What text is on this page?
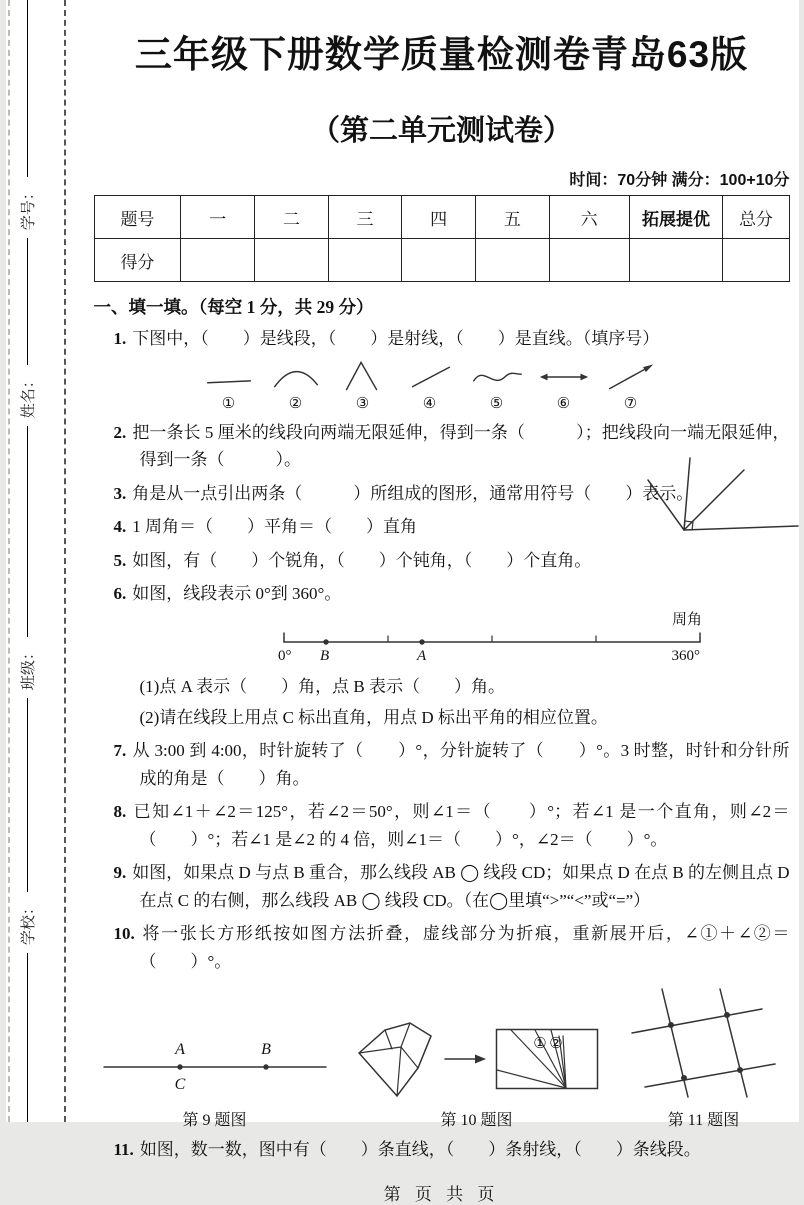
学校：
班级：
姓名：
学号：
三年级下册数学质量检测卷青岛63版
（第二单元测试卷）
时间：70分钟 满分：100+10分
题号	一	二	三	四	五	六	拓展提优	总分
得分								
一、填一填。（每空 1 分，共 29 分）
1. 下图中，（　　）是线段，（　　）是射线，（　　）是直线。（填序号）
①	②	③	④	⑤	⑥	⑦
2. 把一条长 5 厘米的线段向两端无限延伸，得到一条（　　　）；把线段向一端无限延伸，得到一条（　　　）。
3. 角是从一点引出两条（　　　）所组成的图形，通常用符号（　　）表示。
4. 1 周角＝（　　）平角＝（　　）直角
5. 如图，有（　　）个锐角，（　　）个钝角，（　　）个直角。
6. 如图，线段表示 0°到 360°。
0° B	A	360°
周角
(1)点 A 表示（　　）角，点 B 表示（　　）角。
(2)请在线段上用点 C 标出直角，用点 D 标出平角的相应位置。
7. 从 3:00 到 4:00，时针旋转了（　　）°，分针旋转了（　　）°。3 时整，时针和分针所成的角是（　　）角。
8. 已知∠1＋∠2＝125°，若∠2＝50°，则∠1＝（　　）°；若∠1 是一个直角，则∠2＝（　　）°；若∠1 是∠2 的 4 倍，则∠1＝（　　）°，∠2＝（　　）°。
9. 如图，如果点 D 与点 B 重合，那么线段 AB ◯ 线段 CD；如果点 D 在点 B 的左侧且点 D 在点 C 的右侧，那么线段 AB ◯ 线段 CD。（在◯里填“>”“<”或“=”）
10. 将一张长方形纸按如图方法折叠，虚线部分为折痕，重新展开后，∠①＋∠②＝（　　）°。
A	B
C
第 9 题图
① ②
第 10 题图	第 11 题图
11. 如图，数一数，图中有（　　）条直线，（　　）条射线，（　　）条线段。
第 页 共 页
